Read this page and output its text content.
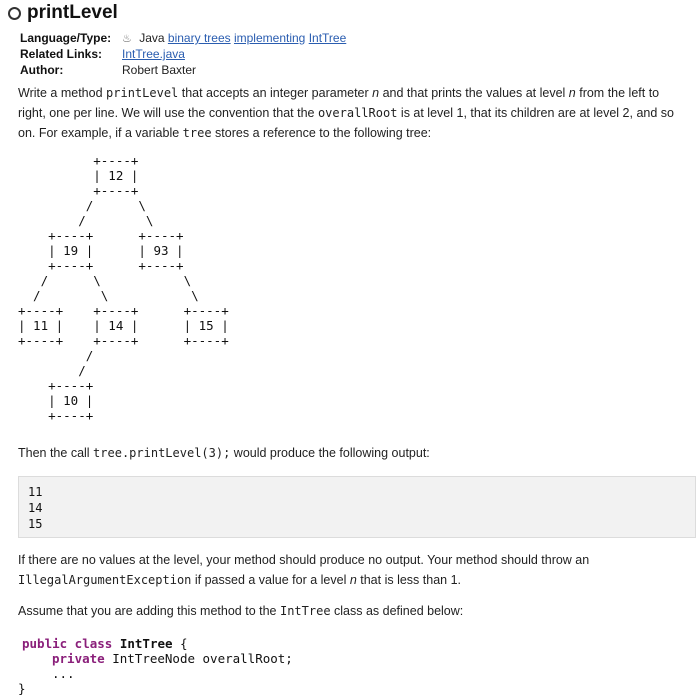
printLevel
Language/Type: ♨ Java binary trees implementing IntTree
Related Links:	IntTree.java
Author:	Robert Baxter
Write a method printLevel that accepts an integer parameter n and that prints the values at level n from the left to
right, one per line. We will use the convention that the overallRoot is at level 1, that its children are at level 2, and so
on. For example, if a variable tree stores a reference to the following tree:
+----+
| 12 |
+----+
/      \
/        \
+----+      +----+
| 19 |      | 93 |
+----+      +----+
/      \           \
/        \           \
+----+    +----+      +----+
| 11 |    | 14 |      | 15 |
+----+    +----+      +----+
/
/
+----+
| 10 |
+----+
Then the call tree.printLevel(3); would produce the following output:
11
14
15
If there are no values at the level, your method should produce no output. Your method should throw an
IllegalArgumentException if passed a value for a level n that is less than 1.
Assume that you are adding this method to the IntTree class as defined below:
public class IntTree {
private IntTreeNode overallRoot;
...
}
